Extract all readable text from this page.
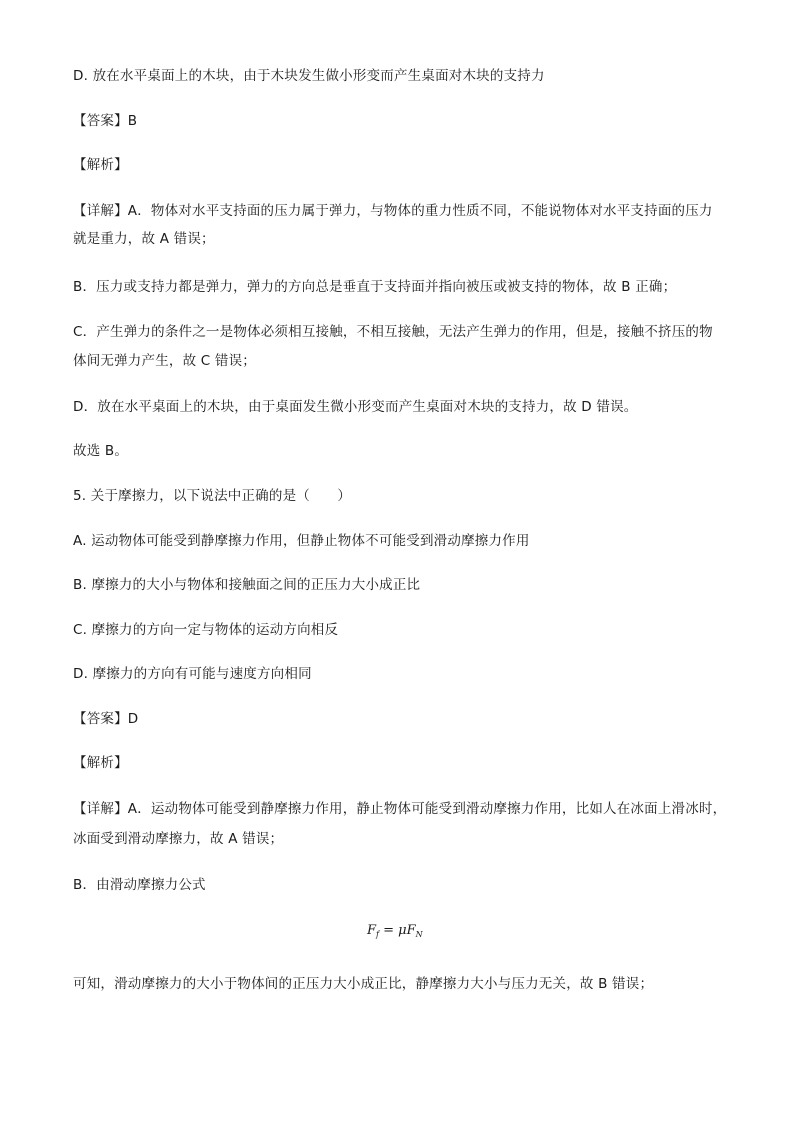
D. 放在水平桌面上的木块，由于木块发生做小形变而产生桌面对木块的支持力
【答案】B
【解析】
【详解】A．物体对水平支持面的压力属于弹力，与物体的重力性质不同，不能说物体对水平支持面的压力
就是重力，故 A 错误；
B．压力或支持力都是弹力，弹力的方向总是垂直于支持面并指向被压或被支持的物体，故 B 正确；
C．产生弹力的条件之一是物体必须相互接触，不相互接触，无法产生弹力的作用，但是，接触不挤压的物
体间无弹力产生，故 C 错误；
D．放在水平桌面上的木块，由于桌面发生微小形变而产生桌面对木块的支持力，故 D 错误。
故选 B。
5. 关于摩擦力，以下说法中正确的是（　　）
A. 运动物体可能受到静摩擦力作用，但静止物体不可能受到滑动摩擦力作用
B. 摩擦力的大小与物体和接触面之间的正压力大小成正比
C. 摩擦力的方向一定与物体的运动方向相反
D. 摩擦力的方向有可能与速度方向相同
【答案】D
【解析】
【详解】A．运动物体可能受到静摩擦力作用，静止物体可能受到滑动摩擦力作用，比如人在冰面上滑冰时，
冰面受到滑动摩擦力，故 A 错误；
B．由滑动摩擦力公式
$F_f = \mu F_N$
可知，滑动摩擦力的大小于物体间的正压力大小成正比，静摩擦力大小与压力无关，故 B 错误；
